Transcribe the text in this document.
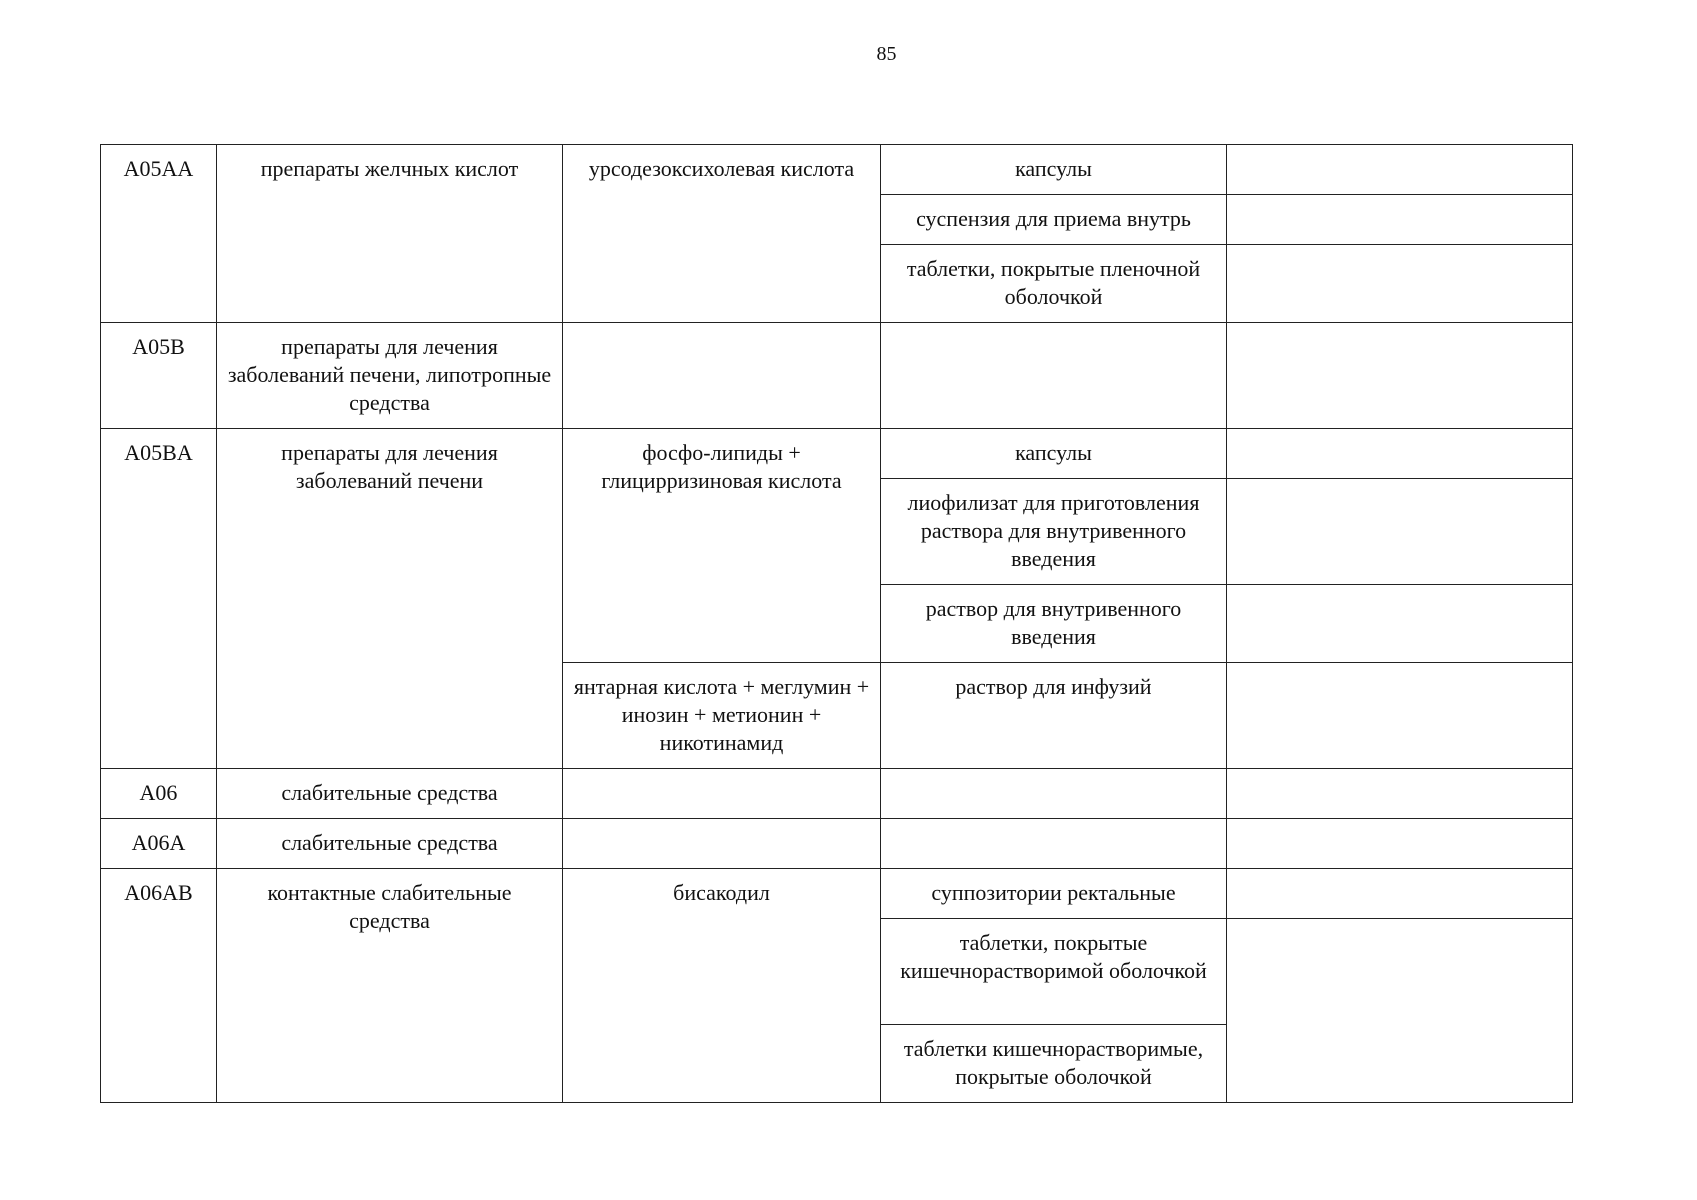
85
A05AA	препараты желчных кислот	урсодезоксихолевая кислота	капсулы	
			суспензия для приема внутрь	
			таблетки, покрытые пленочной оболочкой	
A05B	препараты для лечения заболеваний печени, липотропные средства			
A05BA	препараты для лечения заболеваний печени	фосфо-липиды + глицирризиновая кислота	капсулы	
			лиофилизат для приготовления раствора для внутривенного введения	
			раствор для внутривенного введения	
		янтарная кислота + меглумин + инозин + метионин + никотинамид	раствор для инфузий	
A06	слабительные средства			
A06A	слабительные средства			
A06AB	контактные слабительные средства	бисакодил	суппозитории ректальные	
			таблетки, покрытые кишечнорастворимой оболочкой	
			таблетки кишечнорастворимые, покрытые оболочкой	
